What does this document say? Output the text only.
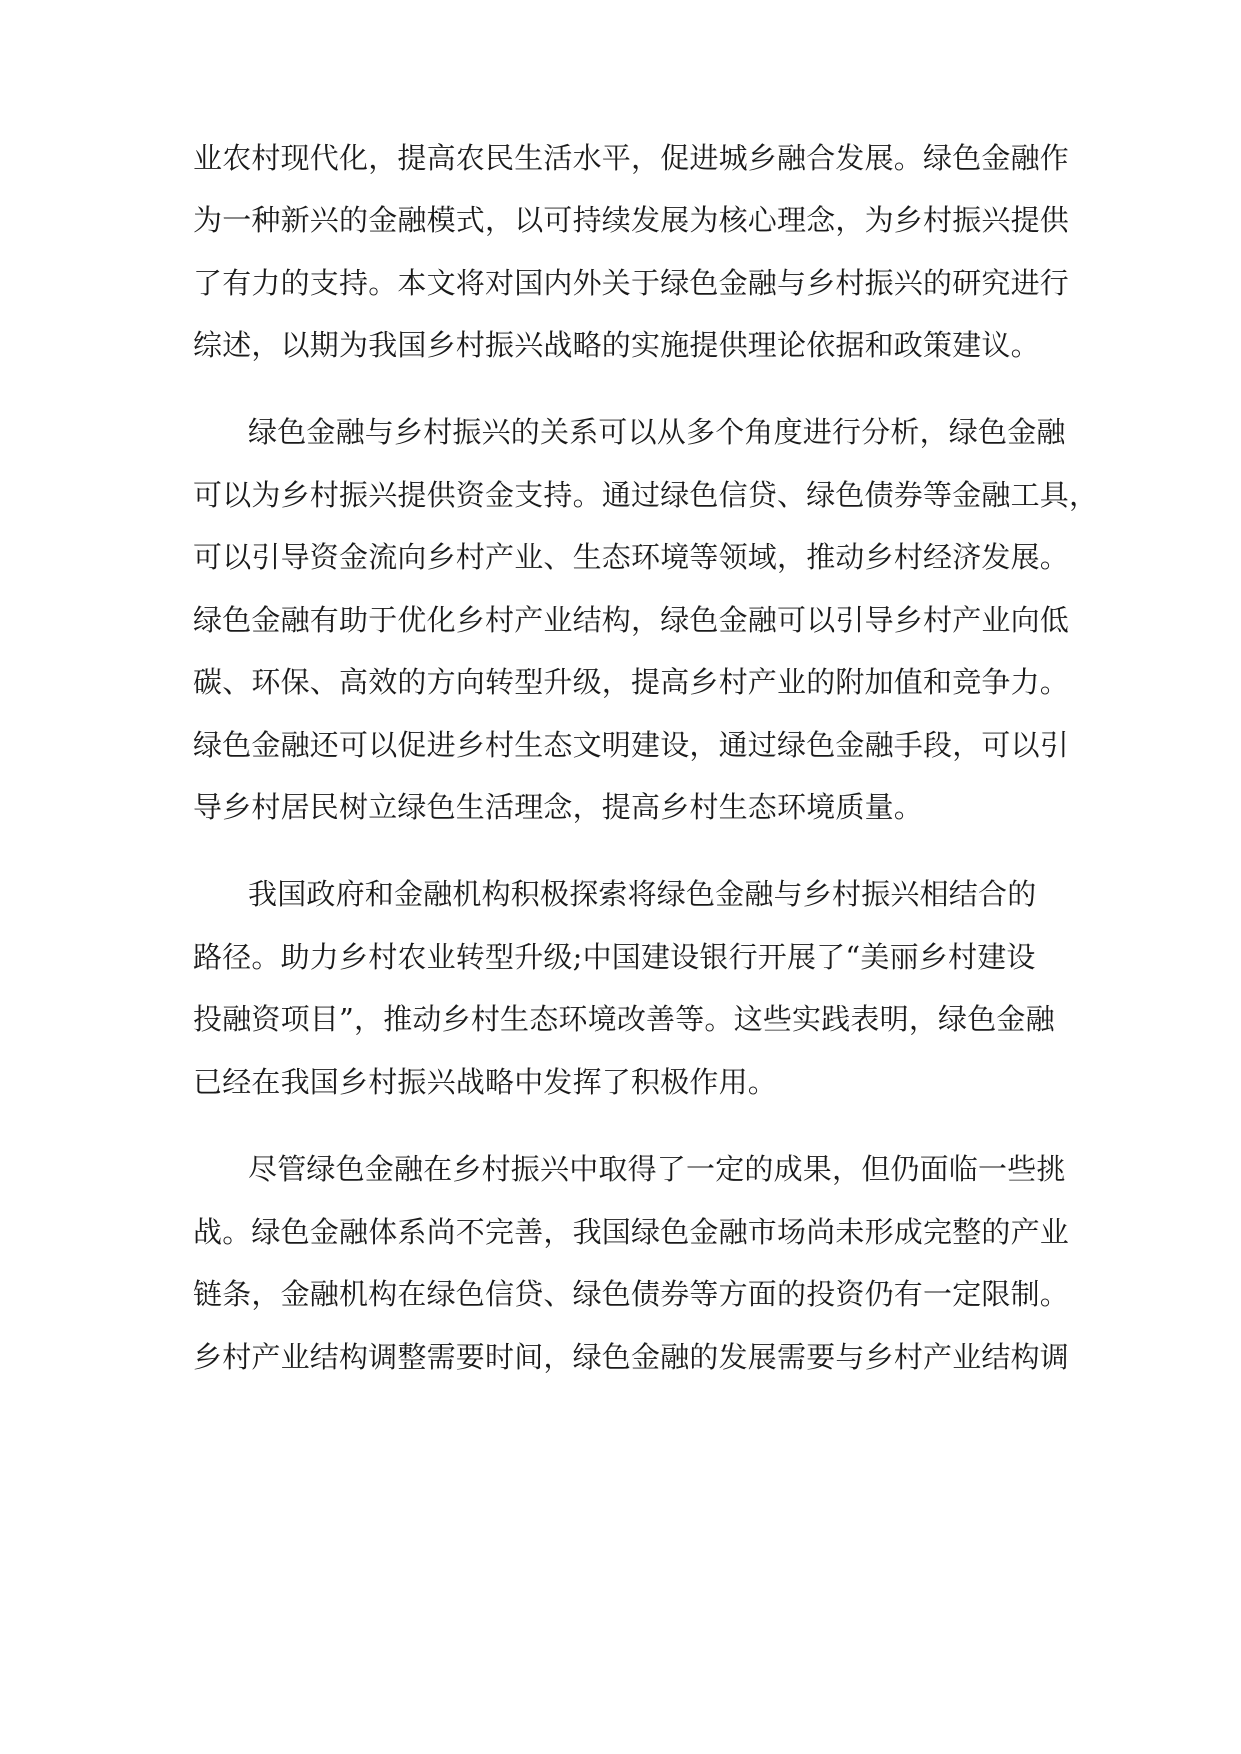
业农村现代化，提高农民生活水平，促进城乡融合发展。绿色金融作
为一种新兴的金融模式，以可持续发展为核心理念，为乡村振兴提供
了有力的支持。本文将对国内外关于绿色金融与乡村振兴的研究进行
综述，以期为我国乡村振兴战略的实施提供理论依据和政策建议。
绿色金融与乡村振兴的关系可以从多个角度进行分析，绿色金融
可以为乡村振兴提供资金支持。通过绿色信贷、绿色债券等金融工具，
可以引导资金流向乡村产业、生态环境等领域，推动乡村经济发展。
绿色金融有助于优化乡村产业结构，绿色金融可以引导乡村产业向低
碳、环保、高效的方向转型升级，提高乡村产业的附加值和竞争力。
绿色金融还可以促进乡村生态文明建设，通过绿色金融手段，可以引
导乡村居民树立绿色生活理念，提高乡村生态环境质量。
我国政府和金融机构积极探索将绿色金融与乡村振兴相结合的
路径。助力乡村农业转型升级;中国建设银行开展了“美丽乡村建设
投融资项目”，推动乡村生态环境改善等。这些实践表明，绿色金融
已经在我国乡村振兴战略中发挥了积极作用。
尽管绿色金融在乡村振兴中取得了一定的成果，但仍面临一些挑
战。绿色金融体系尚不完善，我国绿色金融市场尚未形成完整的产业
链条，金融机构在绿色信贷、绿色债券等方面的投资仍有一定限制。
乡村产业结构调整需要时间，绿色金融的发展需要与乡村产业结构调
